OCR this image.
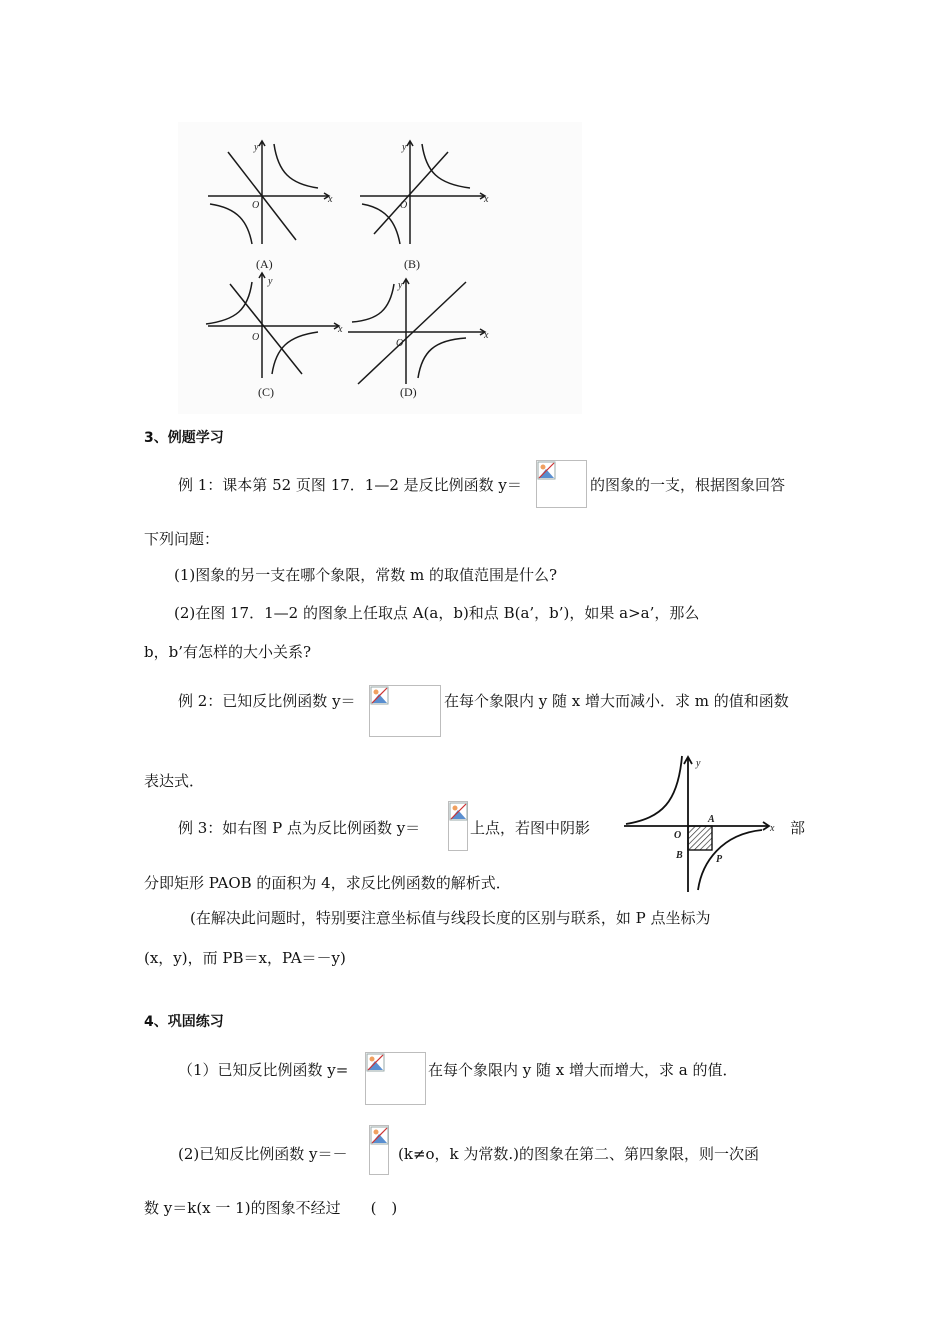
y
x
O
(A)
y
x
O
(B)
y
x
O
(C)
y
x
O
(D)
3、例题学习
例 1：课本第 52 页图 17．1—2 是反比例函数 y＝	的图象的一支，根据图象回答
下列问题：
(1)图象的另一支在哪个象限，常数 m 的取值范围是什么?
(2)在图 17．1—2 的图象上任取点 A(a，b)和点 B(a’，b’)，如果 a>a’，那么
b，b’有怎样的大小关系?
例 2：已知反比例函数 y＝	在每个象限内 y 随 x 增大而减小．求 m 的值和函数
表达式．
例 3：如右图 P 点为反比例函数 y＝	上点，若图中阴影	部
分即矩形 PAOB 的面积为 4，求反比例函数的解析式．
y
x
O
A
B	P
(在解决此问题时，特别要注意坐标值与线段长度的区别与联系，如 P 点坐标为
(x，y)，而 PB＝x，PA＝－y)
4、巩固练习
（1）已知反比例函数 y=	在每个象限内 y 随 x 增大而增大，求 a 的值．
(2)已知反比例函数 y＝－	(k≠o，k 为常数.)的图象在第二、第四象限，则一次函
数 y＝k(x 一 1)的图象不经过　　(　)
